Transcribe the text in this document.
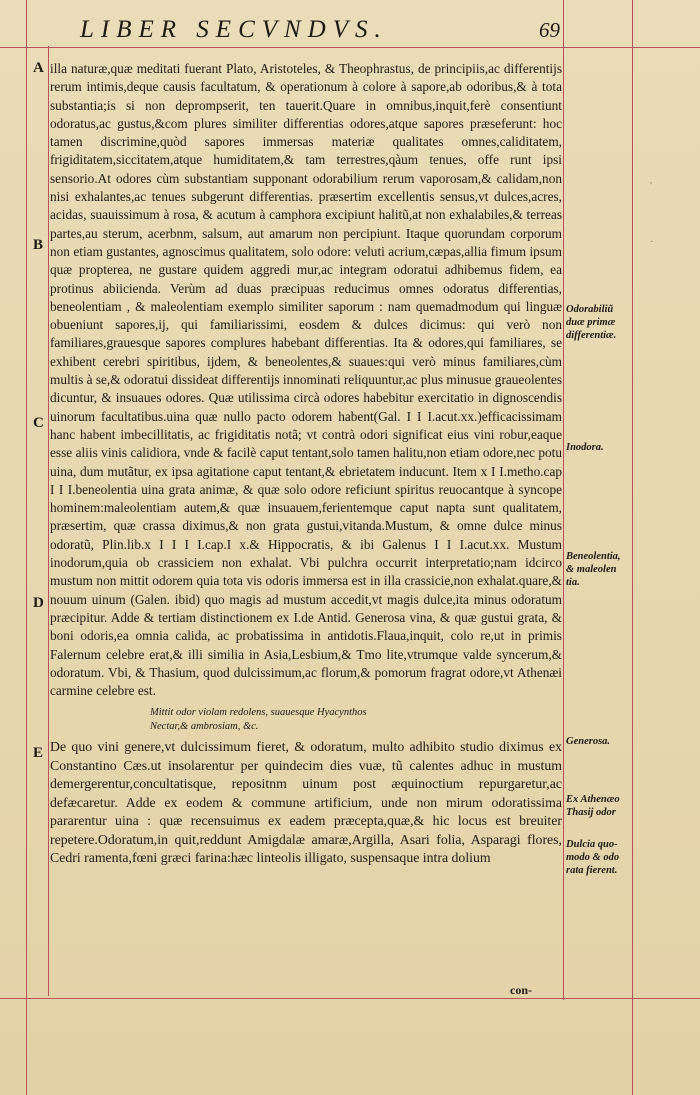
LIBER SECVNDVS.	69
A
B
C
D
E

illa naturæ,quæ meditati fuerant Plato, Aristoteles, & Theophrastus, de principiis,ac differentijs rerum intimis,deque causis facultatum, & operationum à colore à sapore,ab odoribus,& à tota substantia;is si non deprompserit, ten tauerit.Quare in omnibus,inquit,ferè consentiunt odoratus,ac gustus,&com plures similiter differentias odores,atque sapores præseferunt: hoc tamen discrimine,quòd sapores immersas materiæ qualitates omnes,caliditatem, frigiditatem,siccitatem,atque humiditatem,& tam terrestres,qàum tenues, offe runt ipsi sensorio.At odores cùm substantiam supponant odorabilium rerum vaporosam,& calidam,non nisi exhalantes,ac tenues subgerunt differentias. præsertim excellentis sensus,vt dulces,acres, acidas, suauissimum à rosa, & acutum à camphora excipiunt halitũ,at non exhalabiles,& terreas partes,au sterum, acerbnm, salsum, aut amarum non percipiunt. Itaque quorundam corporum non etiam gustantes, agnoscimus qualitatem, solo odore: veluti acrium,cæpas,allia fimum ipsum quæ propterea, ne gustare quidem aggredi mur,ac integram odoratui adhibemus fidem, ea protinus abiicienda. Verùm ad duas præcipuas reducimus omnes odoratus differentias, beneolentiam , & maleolentiam exemplo similiter saporum : nam quemadmodum qui linguæ obueniunt sapores,ij, qui familiarissimi, eosdem & dulces dicimus: qui verò non familiares,grauesque sapores complures habebant differentias. Ita & odores,qui familiares, se exhibent cerebri spiritibus, ijdem, & beneolentes,& suaues:qui verò minus familiares,cùm multis à se,& odoratui dissideat differentijs innominati reliquuntur,ac plus minusue graueolentes dicuntur, & insuaues odores. Quæ utilissima circà odores habebitur exercitatio in dignoscendis uinorum facultatibus.uina quæ nullo pacto odorem habent(Gal. I I I.acut.xx.)efficacissimam hanc habent imbecillitatis, ac frigiditatis notã; vt contrà odori significat eius vini robur,eaque esse aliis vinis calidiora, vnde & facilè caput tentant,solo tamen halitu,non etiam odore,nec potu uina, dum mutãtur, ex ipsa agitatione caput tentant,& ebrietatem inducunt. Item x I I.metho.cap I I I.beneolentia uina grata animæ, & quæ solo odore reficiunt spiritus reuocantque à syncope hominem:maleolentiam autem,& quæ insuauem,ferientemque caput napta sunt qualitatem, præsertim, quæ crassa diximus,& non grata gustui,vitanda.Mustum, & omne dulce minus odoratũ, Plin.lib.x I I I I.cap.I x.& Hippocratis, & ibi Galenus I I I.acut.xx. Mustum inodorum,quia ob crassiciem non exhalat. Vbi pulchra occurrit interpretatio;nam idcirco mustum non mittit odorem quia tota vis odoris immersa est in illa crassicie,non exhalat.quare,& nouum uinum (Galen. ibid) quo magis ad mustum accedit,vt magis dulce,ita minus odoratum præcipitur. Adde & tertiam distinctionem ex I.de Antid. Generosa vina, & quæ gustui grata, & boni odoris,ea omnia calida, ac probatissima in antidotis.Flaua,inquit, colo re,ut in primis Falernum celebre erat,& illi similia in Asia,Lesbium,& Tmo lite,vtrumque valde syncerum,& odoratum. Vbi, & Thasium, quod dulcissimum,ac florum,& pomorum fragrat odore,vt Athenæi carmine celebre est.

Mittit odor violam redolens, suauesque Hyacynthos
Nectar,& ambrosiam, &c.

De quo vini genere,vt dulcissimum fieret, & odoratum, multo adhibito studio diximus ex Constantino Cæs.ut insolarentur per quindecim dies vuæ, tũ calentes adhuc in mustum demergerentur,concultatisque, repositnm uinum post æquinoctium repurgaretur,ac defæcaretur. Adde ex eodem & commune artificium, unde non mirum odoratissima pararentur uina : quæ recensuimus ex eadem præcepta,quæ,& hic locus est breuiter repetere.Odoratum,in quit,reddunt Amigdalæ amaræ,Argilla, Asari folia, Asparagi flores, Cedri ramenta,fœni græci farina:hæc linteolis illigato, suspensaque intra dolium

con-
Odorabiliũ
duæ primæ
differentiæ.
Inodora.
Beneolentia,
& maleolen
tia.
Generosa.
Ex Athenæo
Thasij odor
Dulcia quo-
modo & odo
rata fierent.
'
·
